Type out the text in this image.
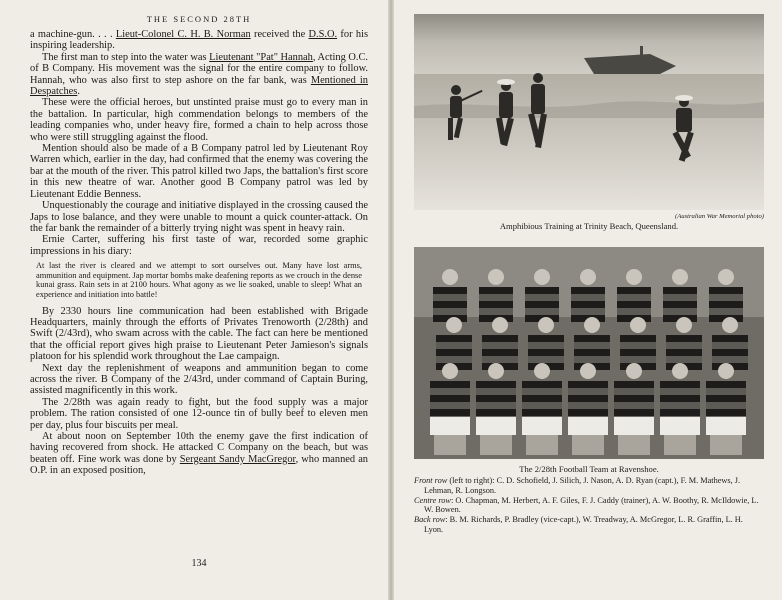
THE SECOND 28TH

a machine-gun. . . . Lieut-Colonel C. H. B. Norman received the D.S.O. for his inspiring leadership.

The first man to step into the water was Lieutenant "Pat" Hannah, Acting O.C. of B Company. His movement was the signal for the entire company to follow. Hannah, who was also first to step ashore on the far bank, was Mentioned in Despatches.

These were the official heroes, but unstinted praise must go to every man in the battalion. In particular, high commendation belongs to members of the leading companies who, under heavy fire, formed a chain to help across those who were still struggling against the flood.

Mention should also be made of a B Company patrol led by Lieutenant Roy Warren which, earlier in the day, had confirmed that the enemy was covering the bar at the mouth of the river. This patrol killed two Japs, the battalion's first score in this new theatre of war. Another good B Company patrol was led by Lieutenant Eddie Benness.

Unquestionably the courage and initiative displayed in the crossing caused the Japs to lose balance, and they were unable to mount a quick counter-attack. On the far bank the remainder of a bitterly trying night was spent in heavy rain.

Ernie Carter, suffering his first taste of war, recorded some graphic impressions in his diary:

At last the river is cleared and we attempt to sort ourselves out. Many have lost arms, ammunition and equipment. Jap mortar bombs make deafening reports as we crouch in the dense kunai grass. Rain sets in at 2100 hours. What agony as we lie soaked, unable to sleep! What an experience and initiation into battle!

By 2330 hours line communication had been established with Brigade Headquarters, mainly through the efforts of Privates Trenoworth (2/28th) and Swift (2/43rd), who swam across with the cable. The fact can here be mentioned that the official report gives high praise to Lieutenant Peter Jamieson's signals platoon for his splendid work throughout the Lae campaign.

Next day the replenishment of weapons and ammunition began to come across the river. B Company of the 2/43rd, under command of Captain Buring, assisted magnificently in this work.

The 2/28th was again ready to fight, but the food supply was a major problem. The ration consisted of one 12-ounce tin of bully beef to eleven men per day, plus four biscuits per meal.

At about noon on September 10th the enemy gave the first indication of having recovered from shock. He attacked C Company on the beach, but was beaten off. Fine work was done by Sergeant Sandy MacGregor, who manned an O.P. in an exposed position,

134
(Australian War Memorial photo)
Amphibious Training at Trinity Beach, Queensland.
The 2/28th Football Team at Ravenshoe.
Front row (left to right): C. D. Schofield, J. Silich, J. Nason, A. D. Ryan (capt.), F. M. Mathews, J. Lehman, R. Longson.
Centre row: O. Chapman, M. Herbert, A. F. Giles, F. J. Caddy (trainer), A. W. Boothy, R. McIldowie, L. W. Bowen.
Back row: B. M. Richards, P. Bradley (vice-capt.), W. Treadway, A. McGregor, L. R. Graffin, L. H. Lyon.
